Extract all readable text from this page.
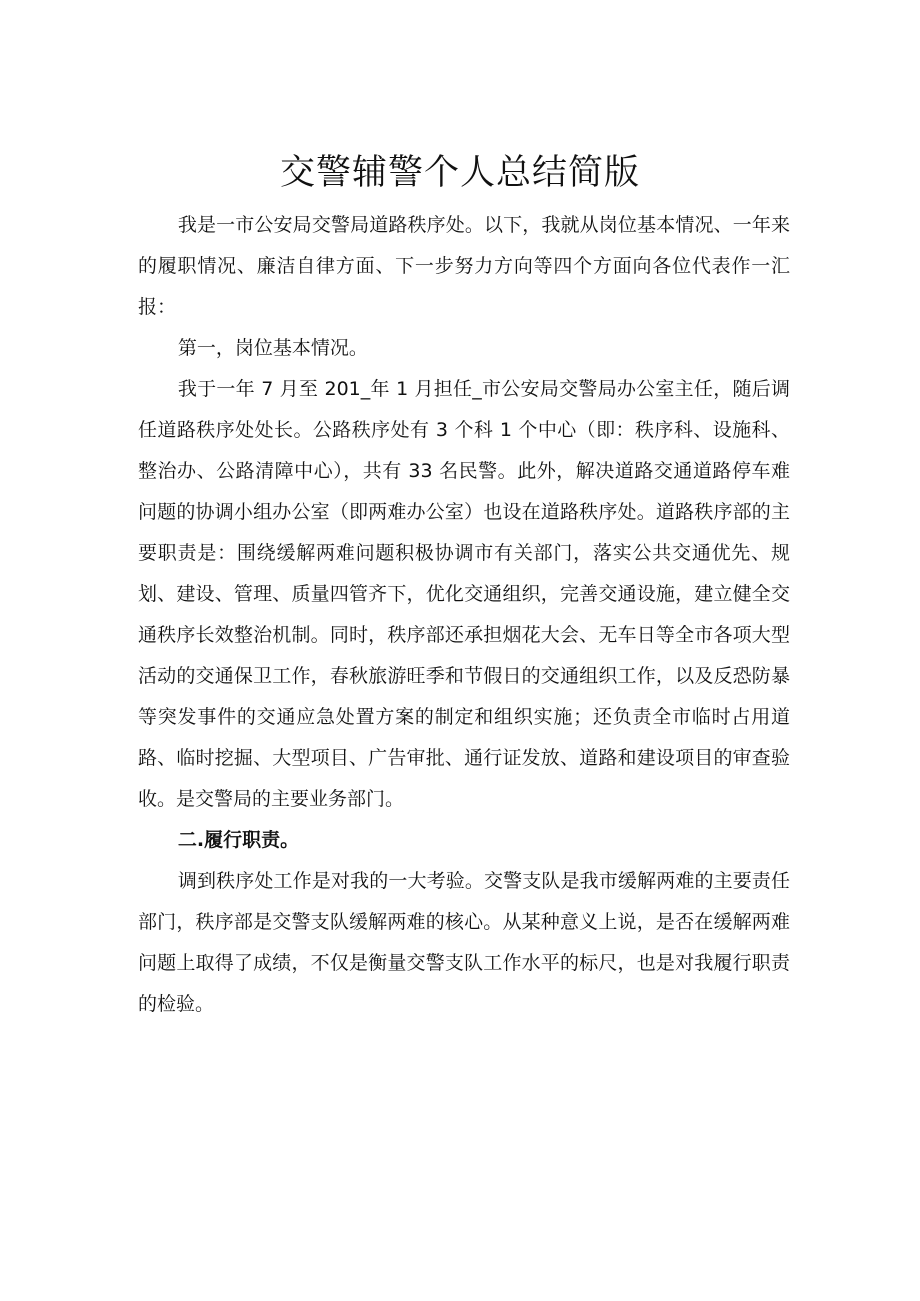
交警辅警个人总结简版

我是一市公安局交警局道路秩序处。以下，我就从岗位基本情况、一年来的履职情况、廉洁自律方面、下一步努力方向等四个方面向各位代表作一汇报：

第一，岗位基本情况。

我于一年 7 月至 201_年 1 月担任_市公安局交警局办公室主任，随后调任道路秩序处处长。公路秩序处有 3 个科 1 个中心（即：秩序科、设施科、整治办、公路清障中心），共有 33 名民警。此外，解决道路交通道路停车难问题的协调小组办公室（即两难办公室）也设在道路秩序处。道路秩序部的主要职责是：围绕缓解两难问题积极协调市有关部门，落实公共交通优先、规划、建设、管理、质量四管齐下，优化交通组织，完善交通设施，建立健全交通秩序长效整治机制。同时，秩序部还承担烟花大会、无车日等全市各项大型活动的交通保卫工作，春秋旅游旺季和节假日的交通组织工作，以及反恐防暴等突发事件的交通应急处置方案的制定和组织实施；还负责全市临时占用道路、临时挖掘、大型项目、广告审批、通行证发放、道路和建设项目的审查验收。是交警局的主要业务部门。

二.履行职责。

调到秩序处工作是对我的一大考验。交警支队是我市缓解两难的主要责任部门，秩序部是交警支队缓解两难的核心。从某种意义上说，是否在缓解两难问题上取得了成绩，不仅是衡量交警支队工作水平的标尺，也是对我履行职责的检验。
